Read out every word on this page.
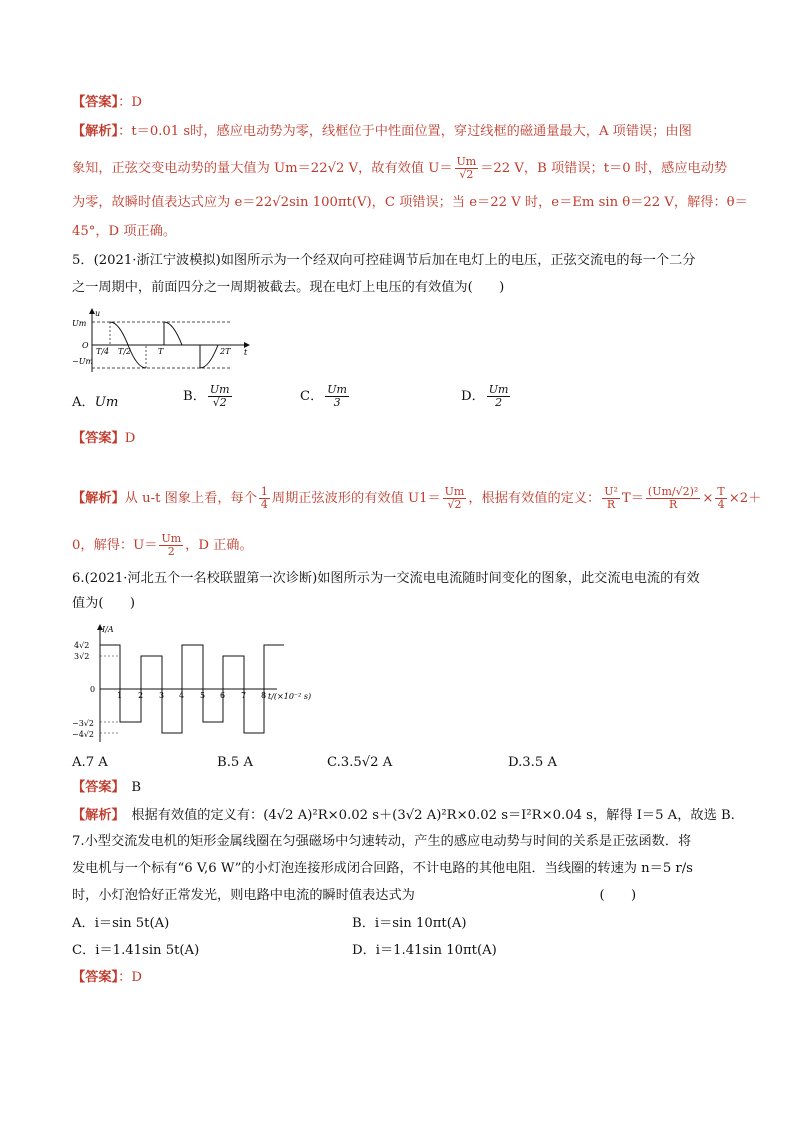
【答案】：D
【解析】：t＝0.01 s时，感应电动势为零，线框位于中性面位置，穿过线框的磁通量最大，A 项错误；由图
象知，正弦交变电动势的量大值为 Um＝22√2 V，故有效值 $U= \frac{Um}{√2} =22$ V，B 项错误；t＝0 时，感应电动势
为零，故瞬时值表达式应为 e＝22√2sin 100πt(V)，C 项错误；当 e＝22 V 时，e＝Em sin θ＝22 V，解得：θ＝
45°，D 项正确。
5．(2021·浙江宁波模拟)如图所示为一个经双向可控硅调节后加在电灯上的电压，正弦交流电的每一个二分
之一周期中，前面四分之一周期被截去。现在电灯上电压的有效值为(　　)
Um
u
O
−Um
t
T/4 T/2	T	2T
A．Um	B． $\frac{Um}{√2}$	C． $\frac{Um}{3}$	D． $\frac{Um}{2}$
【答案】D
【解析】从 u-t 图象上看，每个 $\frac{1}{4}$ 周期正弦波形的有效值 $U1= \frac{Um}{√2}$ ，根据有效值的定义： $\frac{\text{U²}}{R} T= \frac{\text{(Um/√2)²}}{R} \times \frac{T}{4} \times 2+$
0，解得：$U= \frac{Um}{2}$ ，D 正确。
6.(2021·河北五个一名校联盟第一次诊断)如图所示为一交流电电流随时间变化的图象，此交流电电流的有效
值为(　　)
I/A
4√2
3√2
0
−3√2
−4√2
t/(×10⁻² s)
1 2 3 4 5 6 7 8
A.7 A	B.5 A	C.3.5√2 A	D.3.5 A
【答案】　B
【解析】　根据有效值的定义有：(4√2 A)²R×0.02 s＋(3√2 A)²R×0.02 s＝I²R×0.04 s，解得 I＝5 A，故选 B.
7.小型交流发电机的矩形金属线圈在匀强磁场中匀速转动，产生的感应电动势与时间的关系是正弦函数．将
发电机与一个标有“6 V,6 W”的小灯泡连接形成闭合回路，不计电路的其他电阻．当线圈的转速为 n＝5 r/s
时，小灯泡恰好正常发光，则电路中电流的瞬时值表达式为　　　　　　　　　　　　　　(　　)
A．i＝sin 5t(A)	B．i＝sin 10πt(A)
C．i＝1.41sin 5t(A)	D．i＝1.41sin 10πt(A)
【答案】：D
